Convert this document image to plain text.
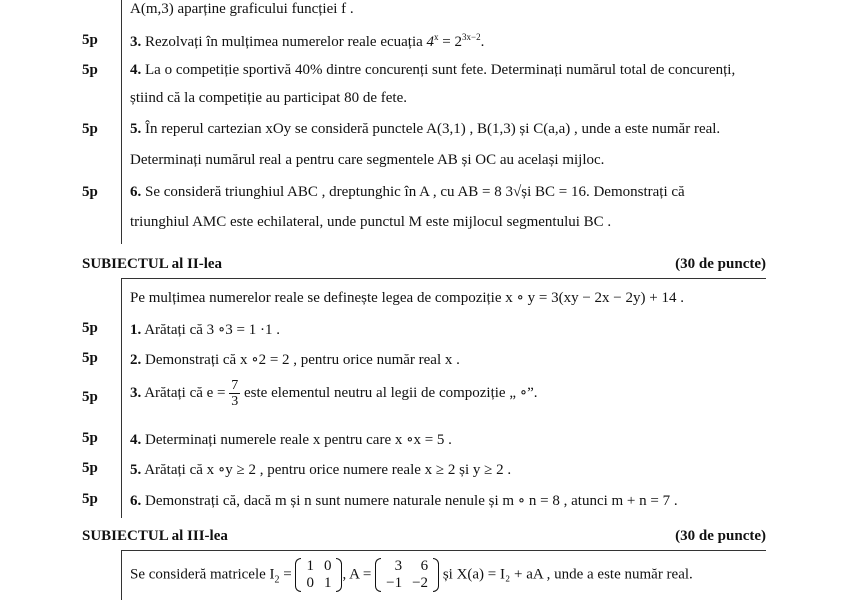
A(m,3) aparține graficului funcției f .
5p 3. Rezolvați în mulțimea numerelor reale ecuația $4^x = 2^{3x-2}$.
5p 4. La o competiție sportivă 40% dintre concurenți sunt fete. Determinați numărul total de concurenți,
știind că la competiție au participat 80 de fete.
5p 5. În reperul cartezian xOy se consideră punctele A(3,1) , B(1,3) și C(a,a) , unde a este număr real.
Determinați numărul real a pentru care segmentele AB și OC au același mijloc.
5p 6. Se consideră triunghiul ABC , dreptunghic în A , cu AB = 8 3√și BC = 16. Demonstrați că
triunghiul AMC este echilateral, unde punctul M este mijlocul segmentului BC .
SUBIECTUL al II-lea	(30 de puncte)
Pe mulțimea numerelor reale se definește legea de compoziție x ∘ y = 3(xy − 2x − 2y) + 14 .
5p 1. Arătați că 3 ∘3 = 1 ·1 .
5p 2. Demonstrați că x ∘2 = 2 , pentru orice număr real x .
5p 3. Arătați că $e = \frac{7}{3}$ este elementul neutru al legii de compoziție „ ∘”.
5p 4. Determinați numerele reale x pentru care x ∘x = 5 .
5p 5. Arătați că x ∘y ≥ 2 , pentru orice numere reale x ≥ 2 și y ≥ 2 .
5p 6. Demonstrați că, dacă m și n sunt numere naturale nenule și m ∘ n = 8 , atunci m + n = 7 .
SUBIECTUL al III-lea	(30 de puncte)
Se consideră matricele $I_2$ =
1	0
0	1
, A =
3	6
−1	−2
și X(a) = I₂ + aA , unde a este număr real.
